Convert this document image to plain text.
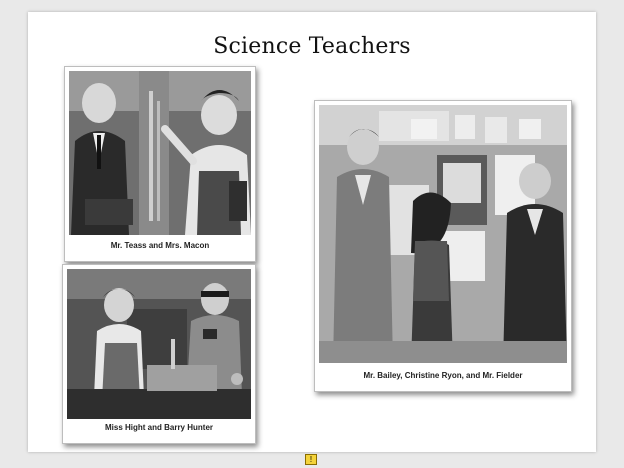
Science Teachers
Mr. Teass and Mrs. Macon
Miss Hight and Barry Hunter
Mr. Bailey, Christine Ryon, and Mr. Fielder
!
